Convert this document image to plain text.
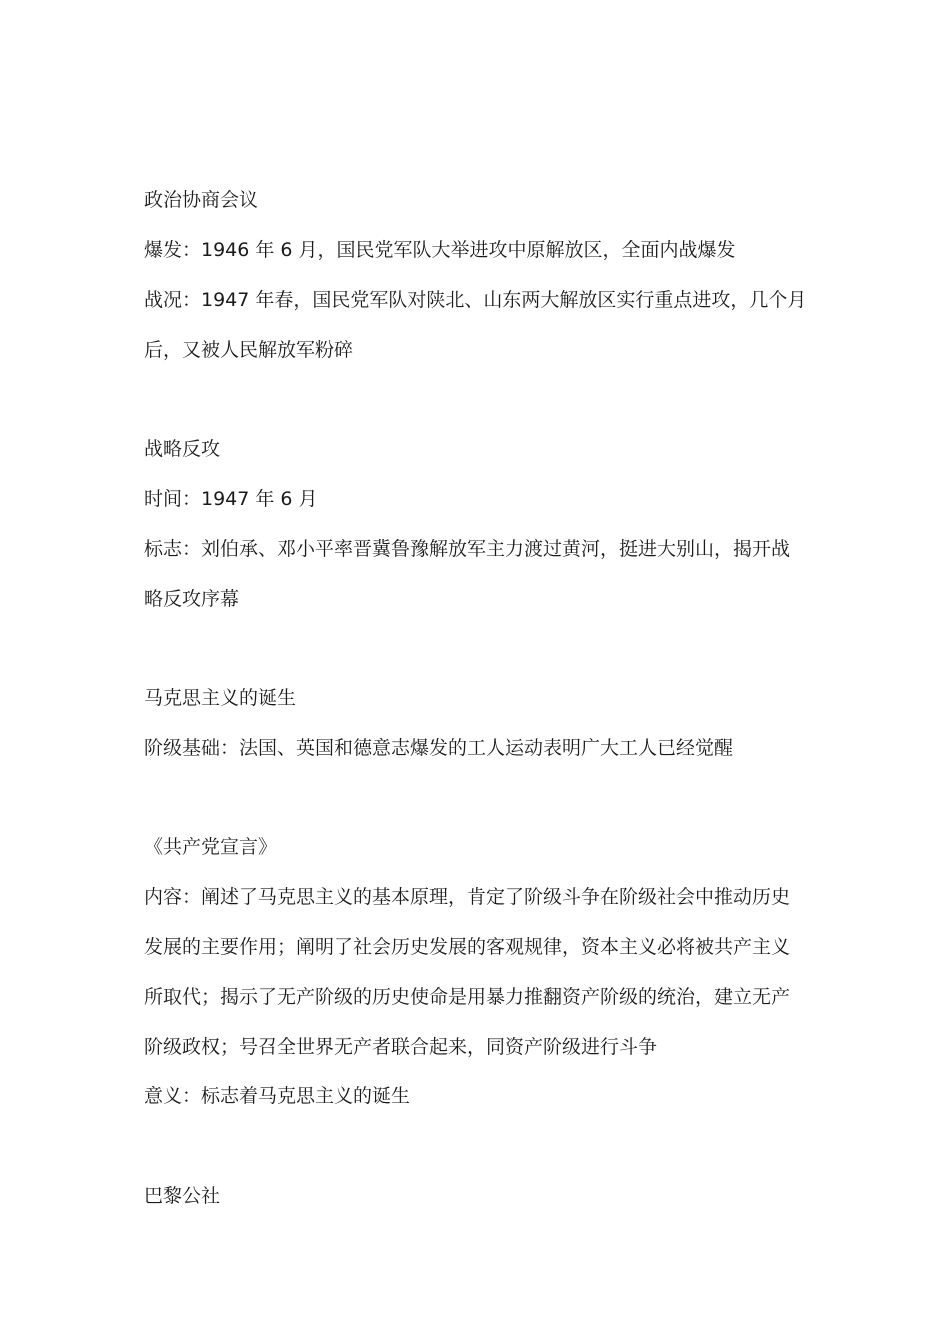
政治协商会议
爆发：1946 年 6 月，国民党军队大举进攻中原解放区，全面内战爆发
战况：1947 年春，国民党军队对陕北、山东两大解放区实行重点进攻，几个月
后，又被人民解放军粉碎
战略反攻
时间：1947 年 6 月
标志：刘伯承、邓小平率晋冀鲁豫解放军主力渡过黄河，挺进大别山，揭开战
略反攻序幕
马克思主义的诞生
阶级基础：法国、英国和德意志爆发的工人运动表明广大工人已经觉醒
《共产党宣言》
内容：阐述了马克思主义的基本原理，肯定了阶级斗争在阶级社会中推动历史
发展的主要作用；阐明了社会历史发展的客观规律，资本主义必将被共产主义
所取代；揭示了无产阶级的历史使命是用暴力推翻资产阶级的统治，建立无产
阶级政权；号召全世界无产者联合起来，同资产阶级进行斗争
意义：标志着马克思主义的诞生
巴黎公社
